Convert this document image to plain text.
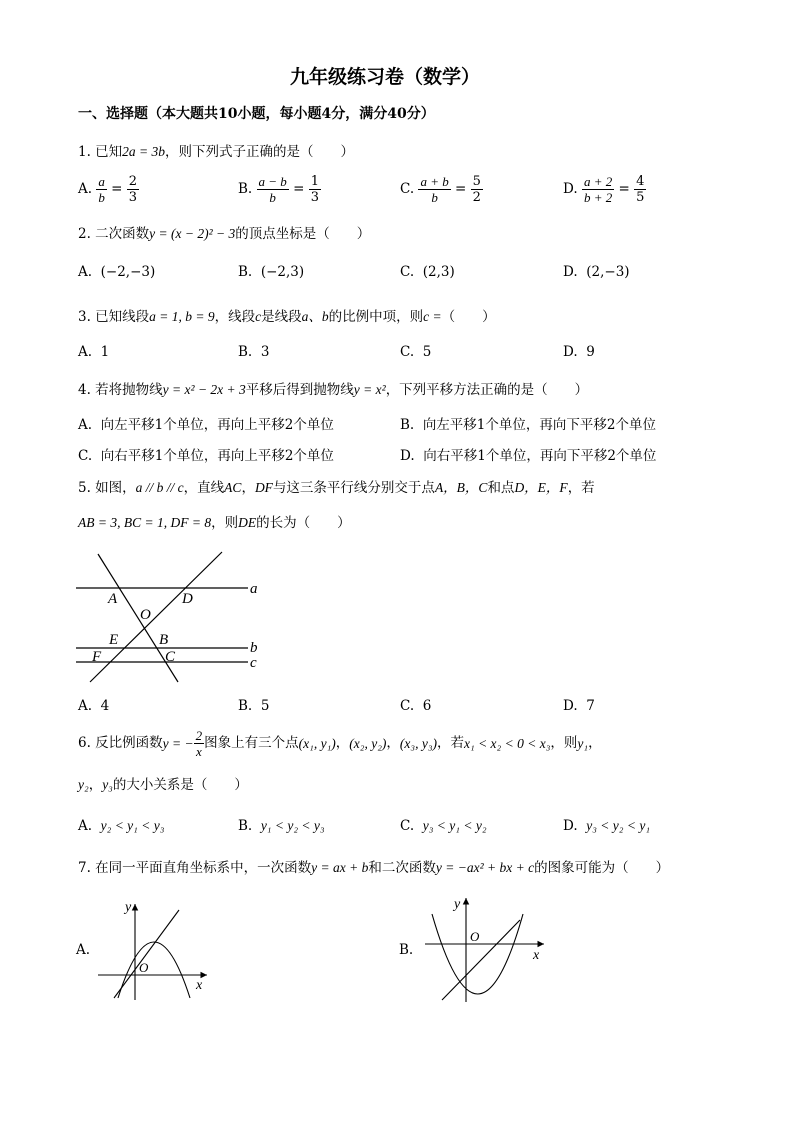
九年级练习卷（数学）
一、选择题（本大题共10小题，每小题4分，满分40分）
1. 已知2a = 3b，则下列式子正确的是（　　）
A. $\frac{a}{b} = \frac{2}{3}$	B. $\frac{a - b}{b} = \frac{1}{3}$	C. $\frac{a + b}{b} = \frac{5}{2}$	D. $\frac{a + 2}{b + 2} = \frac{4}{5}$
2. 二次函数y = (x − 2)² − 3的顶点坐标是（　　）
A. (−2,−3)	B. (−2,3)	C. (2,3)	D. (2,−3)
3. 已知线段a = 1, b = 9，线段c是线段a、b的比例中项，则c =（　　）
A. 1	B. 3	C. 5	D. 9
4. 若将抛物线y = x² − 2x + 3平移后得到抛物线y = x²，下列平移方法正确的是（　　）
A. 向左平移1个单位，再向上平移2个单位	B. 向左平移1个单位，再向下平移2个单位
C. 向右平移1个单位，再向上平移2个单位	D. 向右平移1个单位，再向下平移2个单位
5. 如图，a // b // c，直线AC，DF与这三条平行线分别交于点A，B，C和点D，E，F，若
AB = 3, BC = 1, DF = 8，则DE的长为（　　）
a
b
c
A	D
O
E	B
F	C
A. 4	B. 5	C. 6	D. 7
6. 反比例函数y = − $\frac{2}{x}$ 图象上有三个点(x₁, y₁)，(x₂, y₂)，(x₃, y₃)，若x₁ < x₂ < 0 < x₃，则y₁，
y₂，y₃的大小关系是（　　）
A. y₂ < y₁ < y₃	B. y₁ < y₂ < y₃	C. y₃ < y₁ < y₂	D. y₃ < y₂ < y₁
7. 在同一平面直角坐标系中，一次函数y = ax + b和二次函数y = −ax² + bx + c的图象可能为（　　）
A.
y
x
O
B.
y
x
O
